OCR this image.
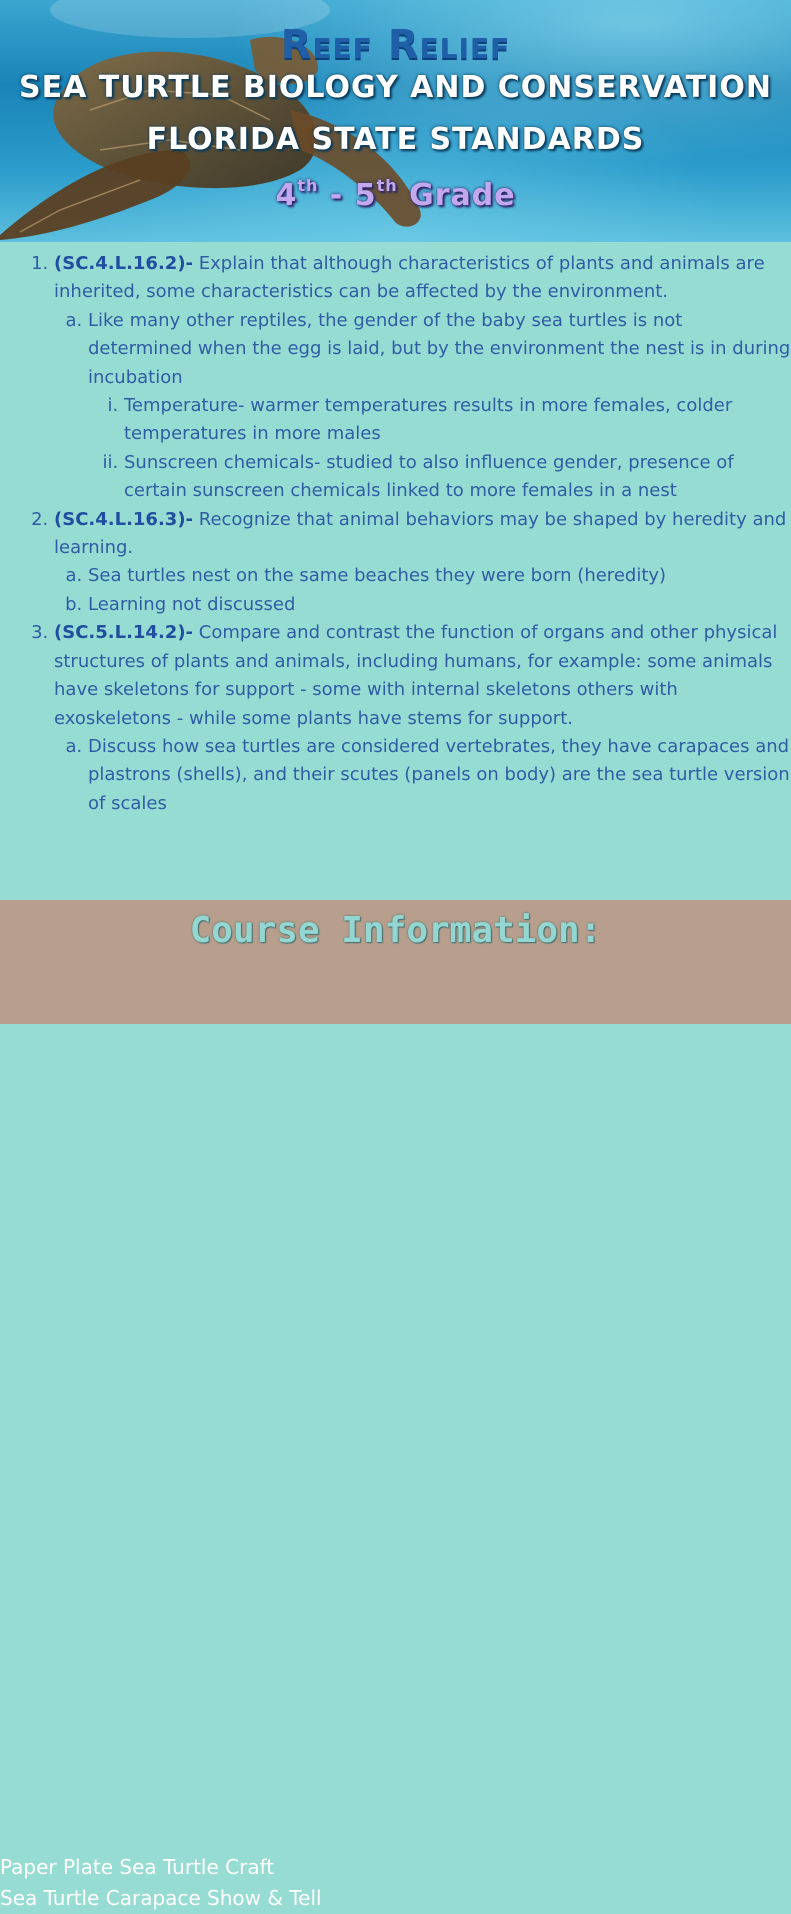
Reef Relief
SEA TURTLE BIOLOGY AND CONSERVATION
FLORIDA STATE STANDARDS
4th - 5th Grade
1. (SC.4.L.16.2)- Explain that although characteristics of plants and animals are inherited, some characteristics can be affected by the environment.
a. Like many other reptiles, the gender of the baby sea turtles is not determined when the egg is laid, but by the environment the nest is in during incubation
i. Temperature- warmer temperatures results in more females, colder temperatures in more males
ii. Sunscreen chemicals- studied to also influence gender, presence of certain sunscreen chemicals linked to more females in a nest
2. (SC.4.L.16.3)- Recognize that animal behaviors may be shaped by heredity and learning.
a. Sea turtles nest on the same beaches they were born (heredity)
b. Learning not discussed
3. (SC.5.L.14.2)- Compare and contrast the function of organs and other physical structures of plants and animals, including humans, for example: some animals have skeletons for support - some with internal skeletons others with exoskeletons - while some plants have stems for support.
a. Discuss how sea turtles are considered vertebrates, they have carapaces and plastrons (shells), and their scutes (panels on body) are the sea turtle version of scales
Course Information:
• Paper Plate Sea Turtle Craft
• Sea Turtle Carapace Show & Tell
